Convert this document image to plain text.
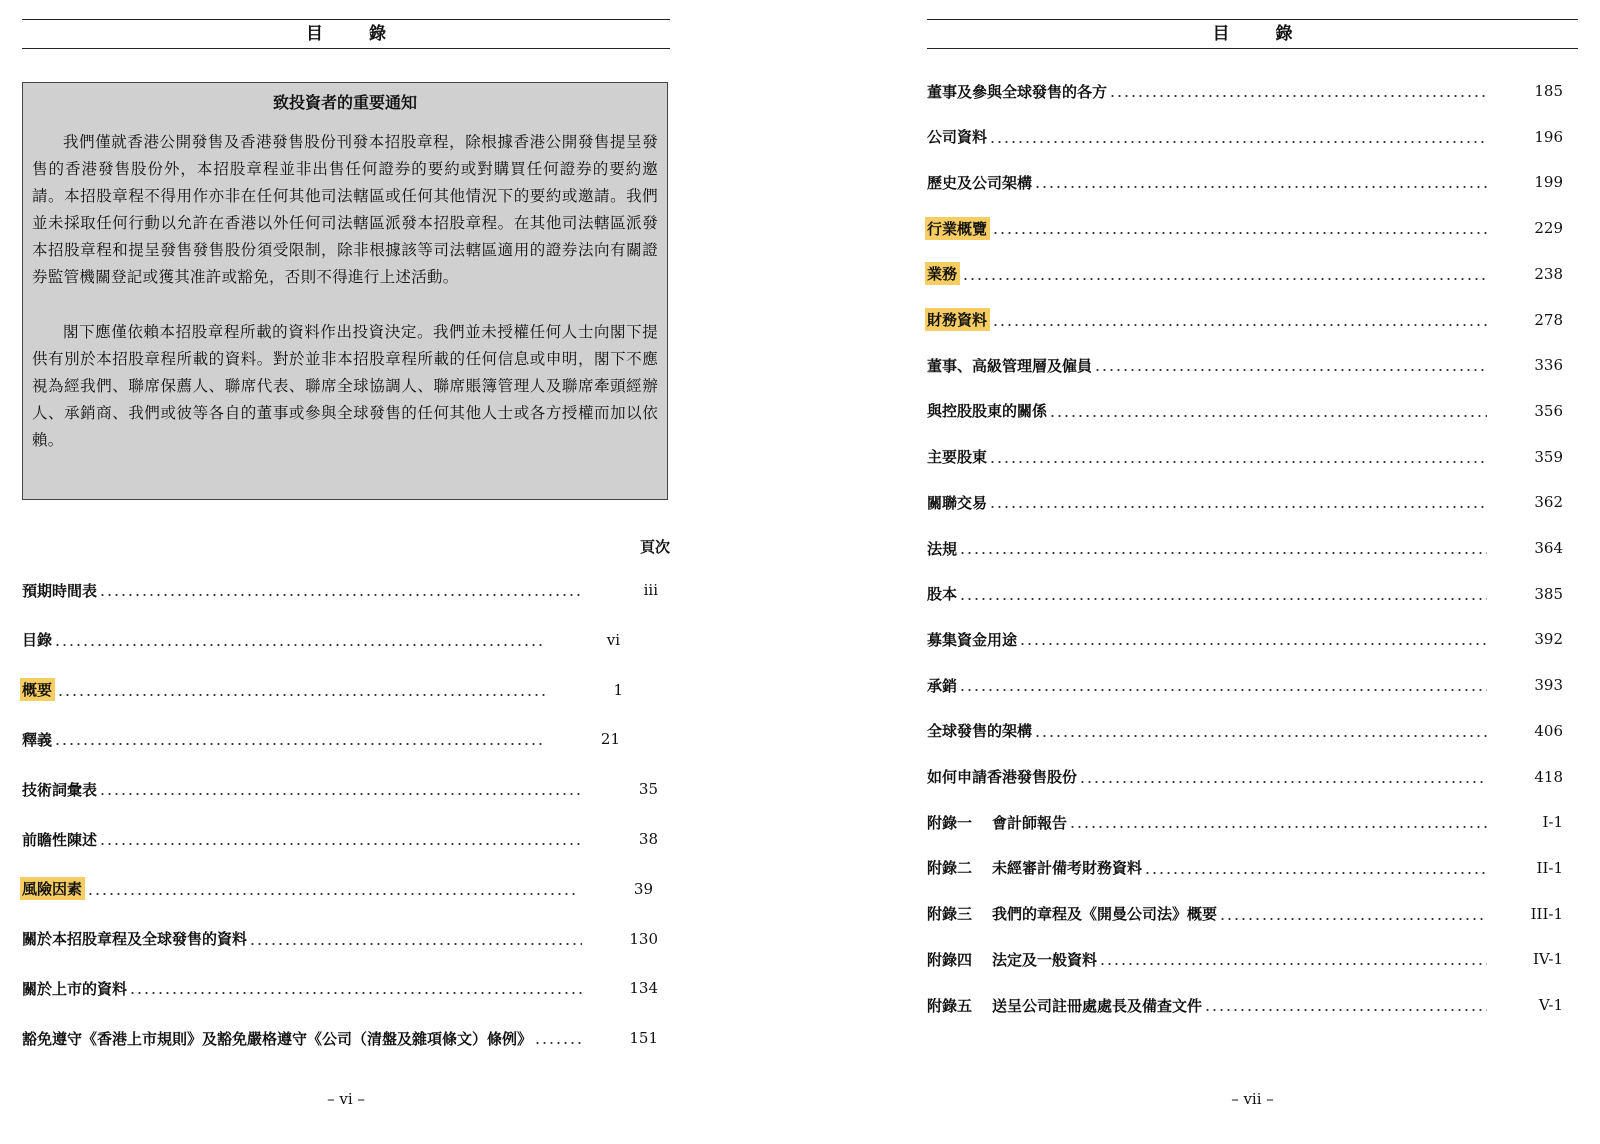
目 錄
致投資者的重要通知

我們僅就香港公開發售及香港發售股份刊發本招股章程，除根據香港公開發售提呈發售的香港發售股份外，本招股章程並非出售任何證券的要約或對購買任何證券的要約邀請。本招股章程不得用作亦非在任何其他司法轄區或任何其他情況下的要約或邀請。我們並未採取任何行動以允許在香港以外任何司法轄區派發本招股章程。在其他司法轄區派發本招股章程和提呈發售發售股份須受限制，除非根據該等司法轄區適用的證券法向有關證券監管機關登記或獲其准許或豁免，否則不得進行上述活動。

閣下應僅依賴本招股章程所載的資料作出投資決定。我們並未授權任何人士向閣下提供有別於本招股章程所載的資料。對於並非本招股章程所載的任何信息或申明，閣下不應視為經我們、聯席保薦人、聯席代表、聯席全球協調人、聯席賬簿管理人及聯席牽頭經辦人、承銷商、我們或彼等各自的董事或參與全球發售的任何其他人士或各方授權而加以依賴。

頁次
預期時間表	iii
目錄	vi
概要	1
釋義	21
技術詞彙表	35
前瞻性陳述	38
風險因素	39
關於本招股章程及全球發售的資料	130
關於上市的資料	134
豁免遵守《香港上市規則》及豁免嚴格遵守《公司（清盤及雜項條文）條例》	151
– vi –
目 錄
董事及參與全球發售的各方	185
公司資料	196
歷史及公司架構	199
行業概覽	229
業務	238
財務資料	278
董事、高級管理層及僱員	336
與控股股東的關係	356
主要股東	359
關聯交易	362
法規	364
股本	385
募集資金用途	392
承銷	393
全球發售的架構	406
如何申請香港發售股份	418
附錄一 會計師報告	I-1
附錄二 未經審計備考財務資料	II-1
附錄三 我們的章程及《開曼公司法》概要	III-1
附錄四 法定及一般資料	IV-1
附錄五 送呈公司註冊處處長及備查文件	V-1
– vii –
